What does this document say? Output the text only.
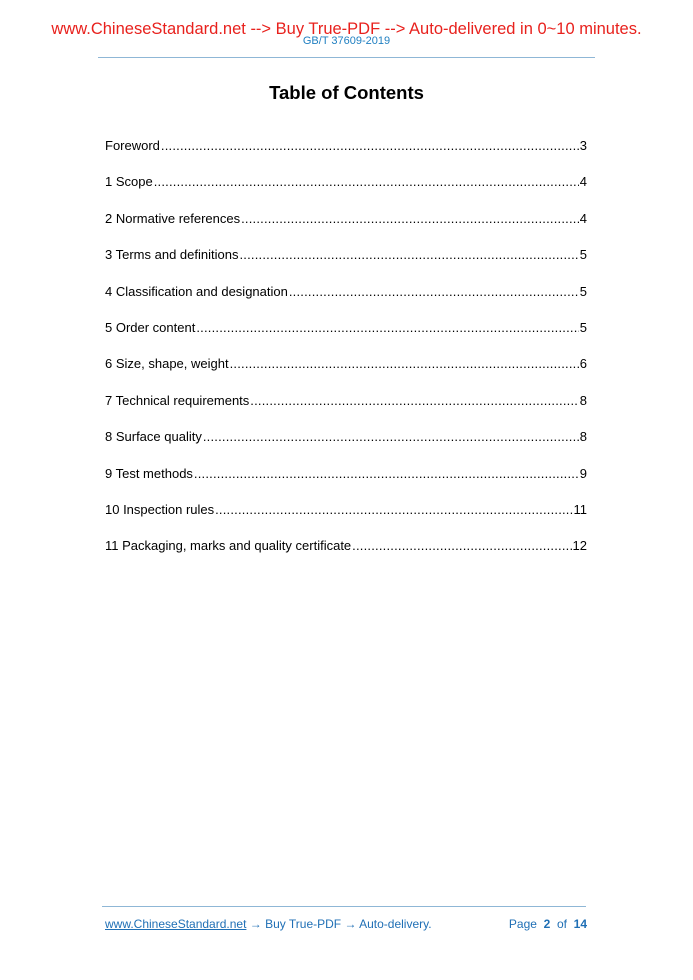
www.ChineseStandard.net --> Buy True-PDF --> Auto-delivered in 0~10 minutes.
GB/T 37609-2019
Table of Contents
Foreword .....	3
1 Scope .....	4
2 Normative references .....	4
3 Terms and definitions .....	5
4 Classification and designation .....	5
5 Order content .....	5
6 Size, shape, weight .....	6
7 Technical requirements .....	8
8 Surface quality .....	8
9 Test methods .....	9
10 Inspection rules .....	11
11 Packaging, marks and quality certificate .....	12
www.ChineseStandard.net → Buy True-PDF → Auto-delivery.	Page 2 of 14
